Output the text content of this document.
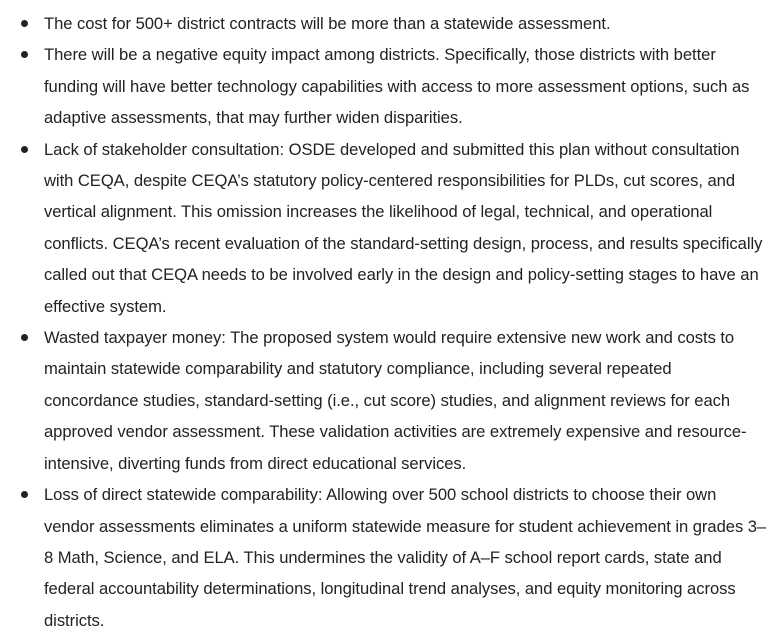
The cost for 500+ district contracts will be more than a statewide assessment.
There will be a negative equity impact among districts. Specifically, those districts with better funding will have better technology capabilities with access to more assessment options, such as adaptive assessments, that may further widen disparities.
Lack of stakeholder consultation: OSDE developed and submitted this plan without consultation with CEQA, despite CEQA’s statutory policy-centered responsibilities for PLDs, cut scores, and vertical alignment. This omission increases the likelihood of legal, technical, and operational conflicts. CEQA’s recent evaluation of the standard-setting design, process, and results specifically called out that CEQA needs to be involved early in the design and policy-setting stages to have an effective system.
Wasted taxpayer money: The proposed system would require extensive new work and costs to maintain statewide comparability and statutory compliance, including several repeated concordance studies, standard-setting (i.e., cut score) studies, and alignment reviews for each approved vendor assessment. These validation activities are extremely expensive and resource-intensive, diverting funds from direct educational services.
Loss of direct statewide comparability: Allowing over 500 school districts to choose their own vendor assessments eliminates a uniform statewide measure for student achievement in grades 3–8 Math, Science, and ELA. This undermines the validity of A–F school report cards, state and federal accountability determinations, longitudinal trend analyses, and equity monitoring across districts.
